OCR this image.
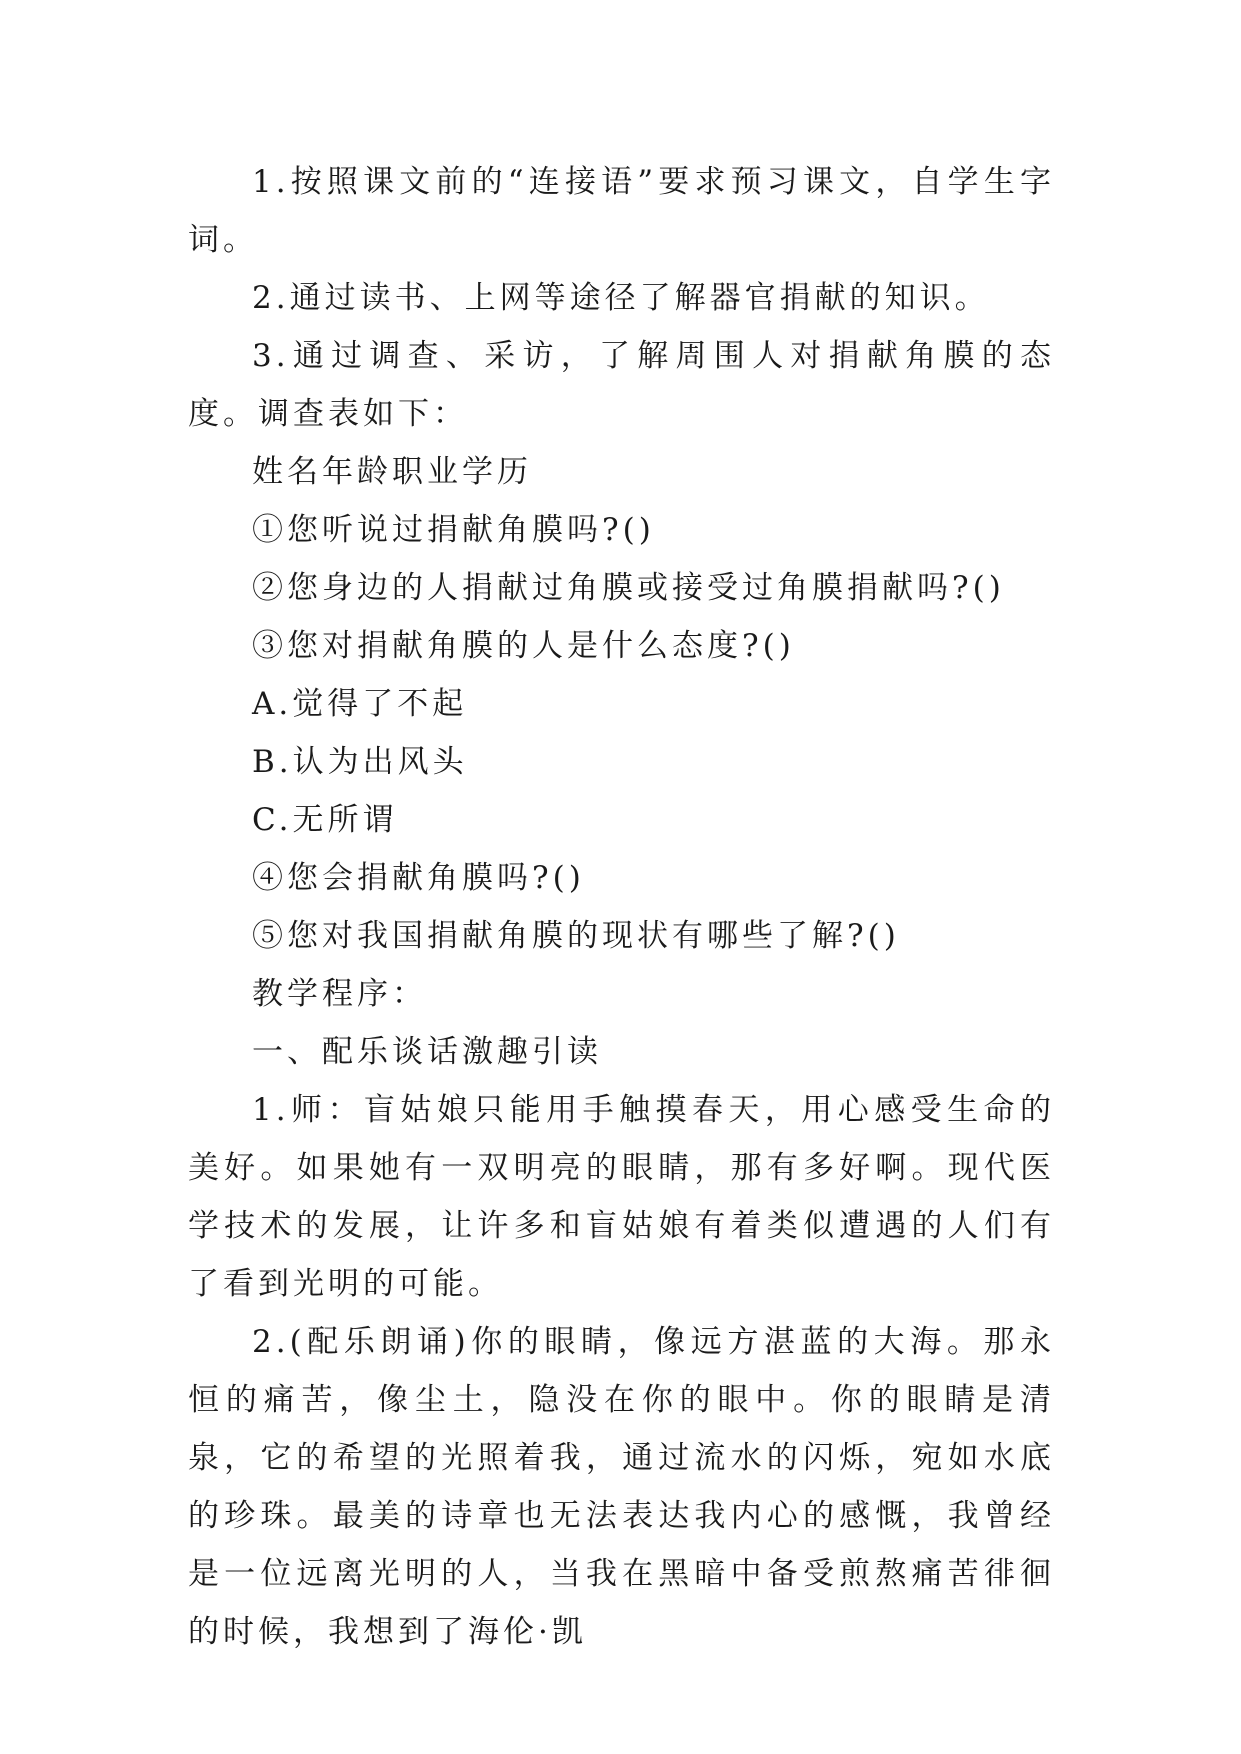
1.按照课文前的“连接语”要求预习课文，自学生字词。

2.通过读书、上网等途径了解器官捐献的知识。

3.通过调查、采访，了解周围人对捐献角膜的态度。调查表如下：

姓名年龄职业学历

①您听说过捐献角膜吗?()

②您身边的人捐献过角膜或接受过角膜捐献吗?()

③您对捐献角膜的人是什么态度?()

A.觉得了不起

B.认为出风头

C.无所谓

④您会捐献角膜吗?()

⑤您对我国捐献角膜的现状有哪些了解?()

教学程序：

一、配乐谈话激趣引读

1.师：盲姑娘只能用手触摸春天，用心感受生命的美好。如果她有一双明亮的眼睛，那有多好啊。现代医学技术的发展，让许多和盲姑娘有着类似遭遇的人们有了看到光明的可能。

2.(配乐朗诵)你的眼睛，像远方湛蓝的大海。那永恒的痛苦，像尘土，隐没在你的眼中。你的眼睛是清泉，它的希望的光照着我，通过流水的闪烁，宛如水底的珍珠。最美的诗章也无法表达我内心的感慨，我曾经是一位远离光明的人，当我在黑暗中备受煎熬痛苦徘徊的时候，我想到了海伦·凯
